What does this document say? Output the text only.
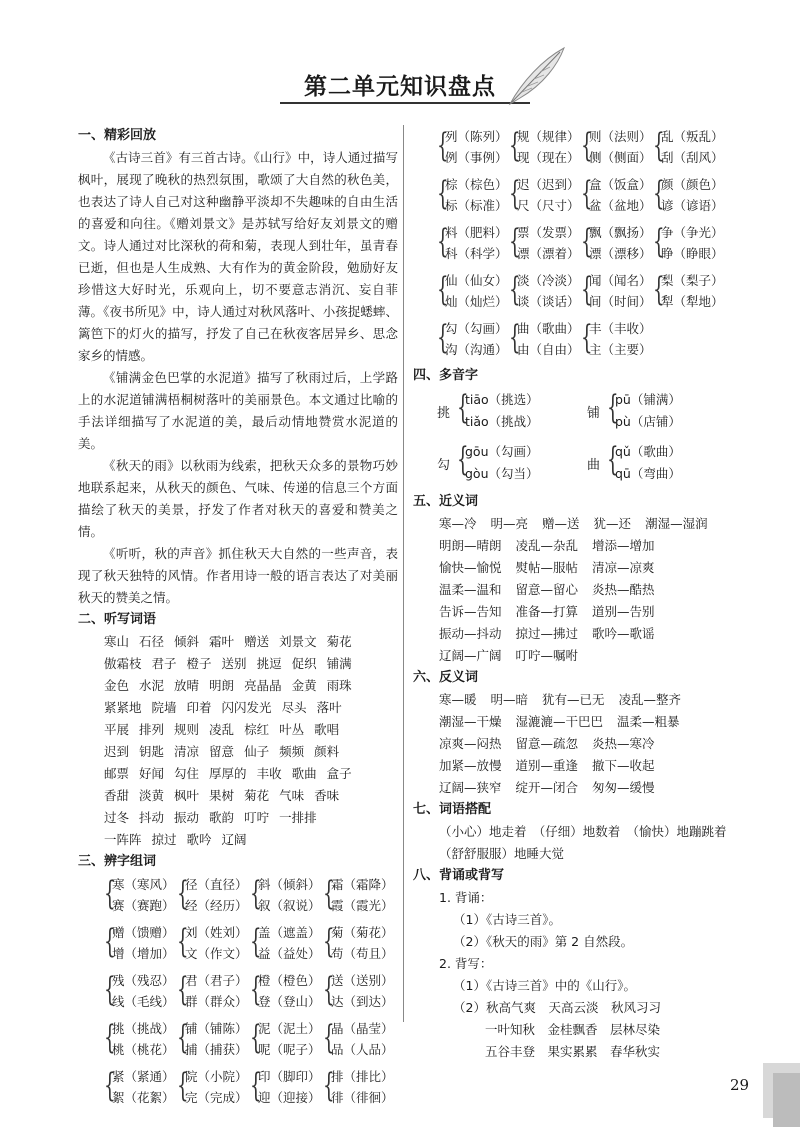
第二单元知识盘点
一、精彩回放

《古诗三首》有三首古诗。《山行》中，诗人通过描写枫叶，展现了晚秋的热烈氛围，歌颂了大自然的秋色美，也表达了诗人自己对这种幽静平淡却不失趣味的自由生活的喜爱和向往。《赠刘景文》是苏轼写给好友刘景文的赠文。诗人通过对比深秋的荷和菊，表现人到壮年，虽青春已逝，但也是人生成熟、大有作为的黄金阶段，勉励好友珍惜这大好时光，乐观向上，切不要意志消沉、妄自菲薄。《夜书所见》中，诗人通过对秋风落叶、小孩捉蟋蟀、篱笆下的灯火的描写，抒发了自己在秋夜客居异乡、思念家乡的情感。

《铺满金色巴掌的水泥道》描写了秋雨过后，上学路上的水泥道铺满梧桐树落叶的美丽景色。本文通过比喻的手法详细描写了水泥道的美，最后动情地赞赏水泥道的美。

《秋天的雨》以秋雨为线索，把秋天众多的景物巧妙地联系起来，从秋天的颜色、气味、传递的信息三个方面描绘了秋天的美景，抒发了作者对秋天的喜爱和赞美之情。

《听听，秋的声音》抓住秋天大自然的一些声音，表现了秋天独特的风情。作者用诗一般的语言表达了对美丽秋天的赞美之情。

二、听写词语
寒山 石径 倾斜 霜叶 赠送 刘景文 菊花
傲霜枝 君子 橙子 送别 挑逗 促织 铺满
金色 水泥 放晴 明朗 亮晶晶 金黄 雨珠
紧紧地 院墙 印着 闪闪发光 尽头 落叶
平展 排列 规则 凌乱 棕红 叶丛 歌唱
迟到 钥匙 清凉 留意 仙子 频频 颜料
邮票 好闻 勾住 厚厚的 丰收 歌曲 盒子
香甜 淡黄 枫叶 果树 菊花 气味 香味
过冬 抖动 振动 歌韵 叮咛 一排排
一阵阵 掠过 歌吟 辽阔
三、辨字组词
{
寒（寒风）
赛（赛跑） {
径（直径）
经（经历） {
斜（倾斜）
叙（叙说） {
霜（霜降）
霞（霞光）
{
赠（馈赠）
增（增加） {
刘（姓刘）
文（作文） {
盖（遮盖）
益（益处） {
菊（菊花）
苟（苟且）
{
残（残忍）
线（毛线） {
君（君子）
群（群众） {
橙（橙色）
登（登山） {
送（送别）
达（到达）
{
挑（挑战）
桃（桃花） {
铺（铺陈）
捕（捕获） {
泥（泥土）
呢（呢子） {
晶（晶莹）
品（人品）
{
紧（紧通）
絮（花絮） {
院（小院）
完（完成） {
印（脚印）
迎（迎接） {
排（排比）
徘（徘徊）
{
列（陈列）
例（事例） {
规（规律）
现（现在） {
则（法则）
侧（侧面） {
乱（叛乱）
刮（刮风）
{
棕（棕色）
标（标准） {
迟（迟到）
尺（尺寸） {
盒（饭盒）
盆（盆地） {
颜（颜色）
谚（谚语）
{
料（肥料）
科（科学） {
票（发票）
漂（漂着） {
飘（飘扬）
漂（漂移） {
争（争光）
睁（睁眼）
{
仙（仙女）
灿（灿烂） {
淡（冷淡）
谈（谈话） {
闻（闻名）
间（时间） {
梨（梨子）
犁（犁地）
{
勾（勾画）
沟（沟通） {
曲（歌曲）
由（自由） {
丰（丰收）
主（主要）
四、多音字
挑 {
tiāo（挑选）
tiǎo（挑战）
铺 {
pū（铺满）
pù（店铺）
勾 {
gōu（勾画）
gòu（勾当）
曲 {
qǔ（歌曲）
qū（弯曲）
五、近义词
寒—冷 明—亮 赠—送 犹—还 潮湿—湿润
明朗—晴朗 凌乱—杂乱 增添—增加
愉快—愉悦 熨帖—服帖 清凉—凉爽
温柔—温和 留意—留心 炎热—酷热
告诉—告知 准备—打算 道别—告别
振动—抖动 掠过—拂过 歌吟—歌谣
辽阔—广阔 叮咛—嘱咐
六、反义词
寒—暖 明—暗 犹有—已无 凌乱—整齐
潮湿—干燥 湿漉漉—干巴巴 温柔—粗暴
凉爽—闷热 留意—疏忽 炎热—寒冷
加紧—放慢 道别—重逢 撤下—收起
辽阔—狭窄 绽开—闭合 匆匆—缓慢
七、词语搭配
（小心）地走着　（仔细）地数着　（愉快）地蹦跳着
（舒舒服服）地睡大觉
八、背诵或背写
1. 背诵：
（1）《古诗三首》。
（2）《秋天的雨》第 2 自然段。
2. 背写：
（1）《古诗三首》中的《山行》。
（2）秋高气爽　天高云淡　秋风习习
一叶知秋　金桂飘香　层林尽染
五谷丰登　果实累累　春华秋实
29
